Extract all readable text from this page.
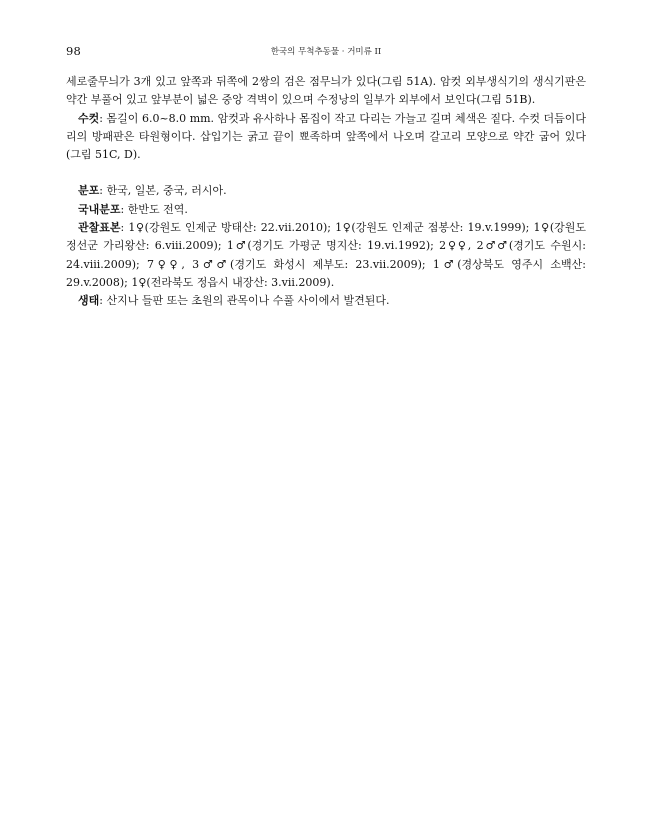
98	한국의 무척추동물 · 거미류 II

세로줄무늬가 3개 있고 앞쪽과 뒤쪽에 2쌍의 검은 점무늬가 있다(그림 51A). 암컷 외부생식기의 생식기판은 약간 부풀어 있고 앞부분이 넓은 중앙 격벽이 있으며 수정낭의 일부가 외부에서 보인다(그림 51B).

수컷: 몸길이 6.0~8.0 mm. 암컷과 유사하나 몸집이 작고 다리는 가늘고 길며 체색은 짙다. 수컷 더듬이다리의 방패판은 타원형이다. 삽입기는 굵고 끝이 뾰족하며 앞쪽에서 나오며 갈고리 모양으로 약간 굽어 있다(그림 51C, D).

분포: 한국, 일본, 중국, 러시아.

국내분포: 한반도 전역.

관찰표본: 1♀(강원도 인제군 방태산: 22.vii.2010); 1♀(강원도 인제군 점봉산: 19.v.1999); 1♀(강원도 정선군 가리왕산: 6.viii.2009); 1♂(경기도 가평군 명지산: 19.vi.1992); 2♀♀, 2♂♂(경기도 수원시: 24.viii.2009); 7♀♀, 3♂♂(경기도 화성시 제부도: 23.vii.2009); 1♂(경상북도 영주시 소백산: 29.v.2008); 1♀(전라북도 정읍시 내장산: 3.vii.2009).

생태: 산지나 들판 또는 초원의 관목이나 수풀 사이에서 발견된다.
